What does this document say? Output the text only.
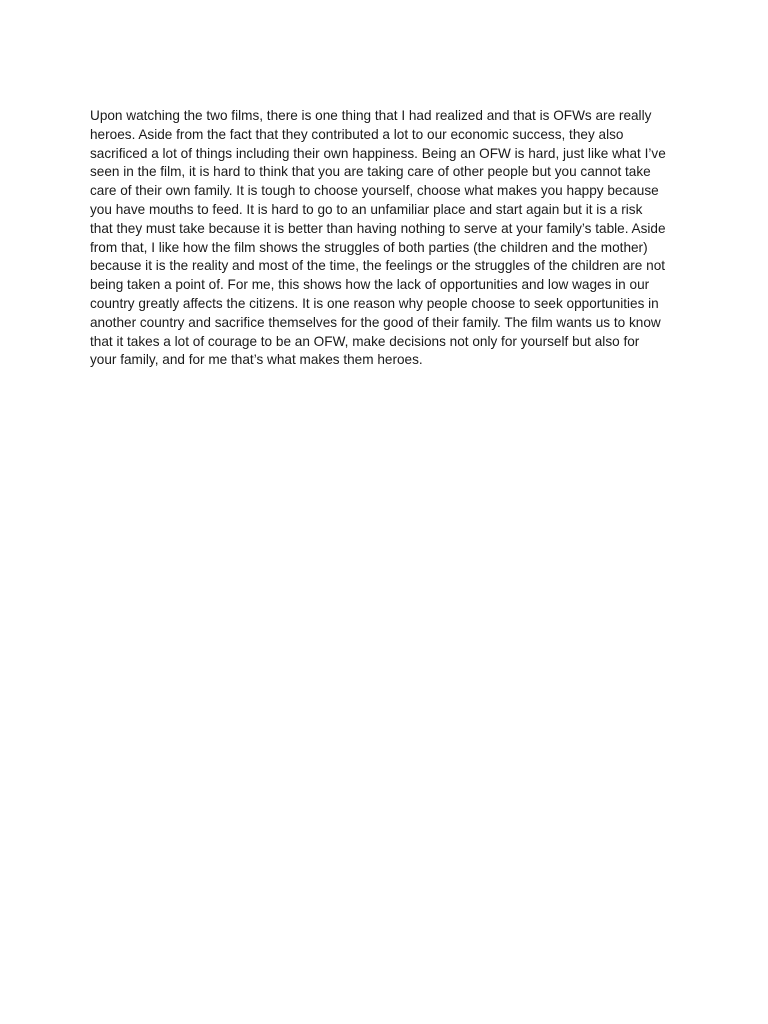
Upon watching the two films, there is one thing that I had realized and that is OFWs are really
heroes. Aside from the fact that they contributed a lot to our economic success, they also
sacrificed a lot of things including their own happiness. Being an OFW is hard, just like what I’ve
seen in the film, it is hard to think that you are taking care of other people but you cannot take
care of their own family. It is tough to choose yourself, choose what makes you happy because
you have mouths to feed. It is hard to go to an unfamiliar place and start again but it is a risk
that they must take because it is better than having nothing to serve at your family’s table. Aside
from that, I like how the film shows the struggles of both parties (the children and the mother)
because it is the reality and most of the time, the feelings or the struggles of the children are not
being taken a point of. For me, this shows how the lack of opportunities and low wages in our
country greatly affects the citizens. It is one reason why people choose to seek opportunities in
another country and sacrifice themselves for the good of their family. The film wants us to know
that it takes a lot of courage to be an OFW, make decisions not only for yourself but also for
your family, and for me that’s what makes them heroes.
